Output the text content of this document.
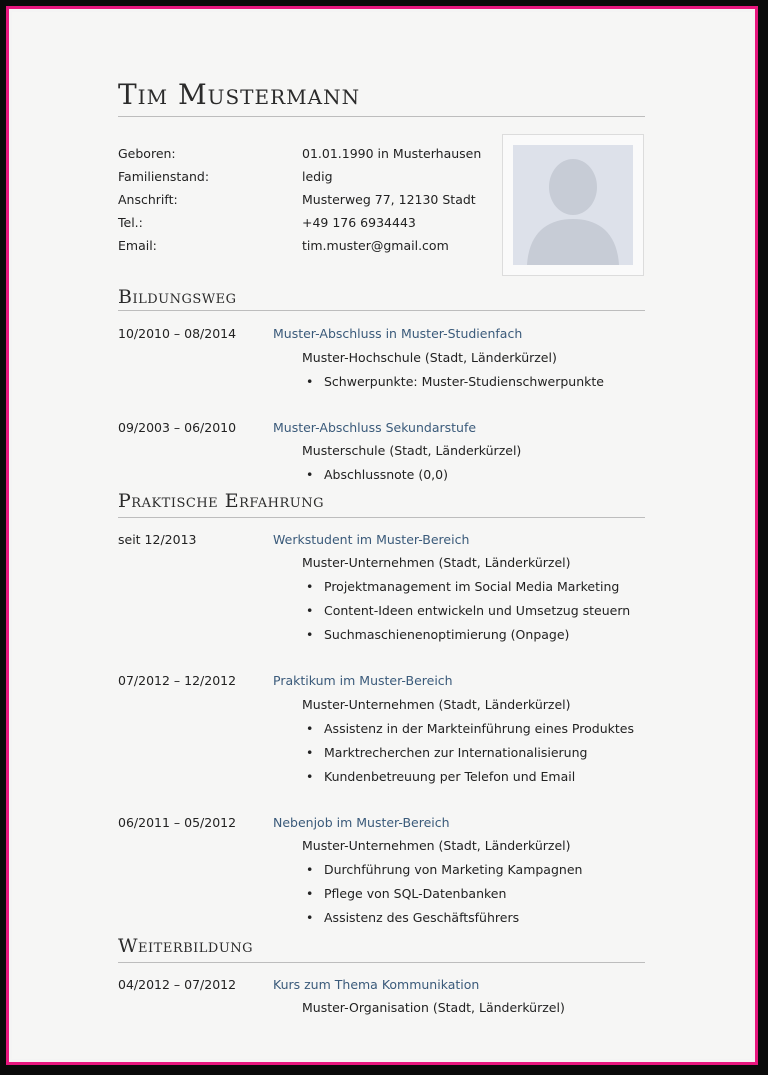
Tim Mustermann
Geboren:	01.01.1990 in Musterhausen
Familienstand:	ledig
Anschrift:	Musterweg 77, 12130 Stadt
Tel.:	+49 176 6934443
Email:	tim.muster@gmail.com
Bildungsweg
10/2010 – 08/2014	Muster-Abschluss in Muster-Studienfach
Muster-Hochschule (Stadt, Länderkürzel)
• Schwerpunkte: Muster-Studienschwerpunkte
09/2003 – 06/2010	Muster-Abschluss Sekundarstufe
Musterschule (Stadt, Länderkürzel)
• Abschlussnote (0,0)
Praktische Erfahrung
seit 12/2013	Werkstudent im Muster-Bereich
Muster-Unternehmen (Stadt, Länderkürzel)
• Projektmanagement im Social Media Marketing
• Content-Ideen entwickeln und Umsetzug steuern
• Suchmaschienenoptimierung (Onpage)
07/2012 – 12/2012	Praktikum im Muster-Bereich
Muster-Unternehmen (Stadt, Länderkürzel)
• Assistenz in der Markteinführung eines Produktes
• Marktrecherchen zur Internationalisierung
• Kundenbetreuung per Telefon und Email
06/2011 – 05/2012	Nebenjob im Muster-Bereich
Muster-Unternehmen (Stadt, Länderkürzel)
• Durchführung von Marketing Kampagnen
• Pflege von SQL-Datenbanken
• Assistenz des Geschäftsführers
Weiterbildung
04/2012 – 07/2012	Kurs zum Thema Kommunikation
Muster-Organisation (Stadt, Länderkürzel)
